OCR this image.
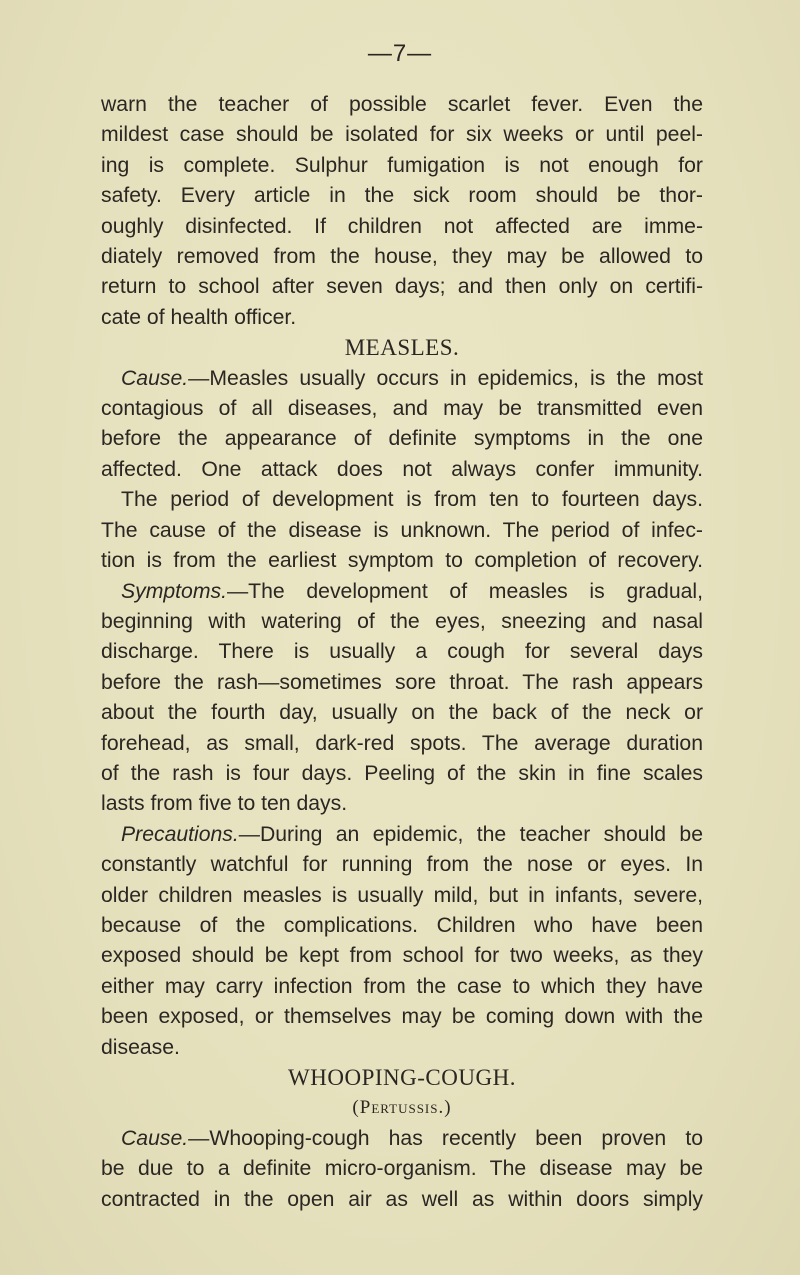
—7—

warn the teacher of possible scarlet fever. Even the

mildest case should be isolated for six weeks or until peel-

ing is complete. Sulphur fumigation is not enough for

safety. Every article in the sick room should be thor-

oughly disinfected. If children not affected are imme-

diately removed from the house, they may be allowed to

return to school after seven days; and then only on certifi-

cate of health officer.

MEASLES.

Cause.—Measles usually occurs in epidemics, is the most

contagious of all diseases, and may be transmitted even

before the appearance of definite symptoms in the one

affected. One attack does not always confer immunity.

The period of development is from ten to fourteen days.

The cause of the disease is unknown. The period of infec-

tion is from the earliest symptom to completion of recovery.

Symptoms.—The development of measles is gradual,

beginning with watering of the eyes, sneezing and nasal

discharge. There is usually a cough for several days

before the rash—sometimes sore throat. The rash appears

about the fourth day, usually on the back of the neck or

forehead, as small, dark-red spots. The average duration

of the rash is four days. Peeling of the skin in fine scales

lasts from five to ten days.

Precautions.—During an epidemic, the teacher should be

constantly watchful for running from the nose or eyes. In

older children measles is usually mild, but in infants, severe,

because of the complications. Children who have been

exposed should be kept from school for two weeks, as they

either may carry infection from the case to which they have

been exposed, or themselves may be coming down with the

disease.

WHOOPING-COUGH.

(Pertussis.)

Cause.—Whooping-cough has recently been proven to

be due to a definite micro-organism. The disease may be

contracted in the open air as well as within doors simply
